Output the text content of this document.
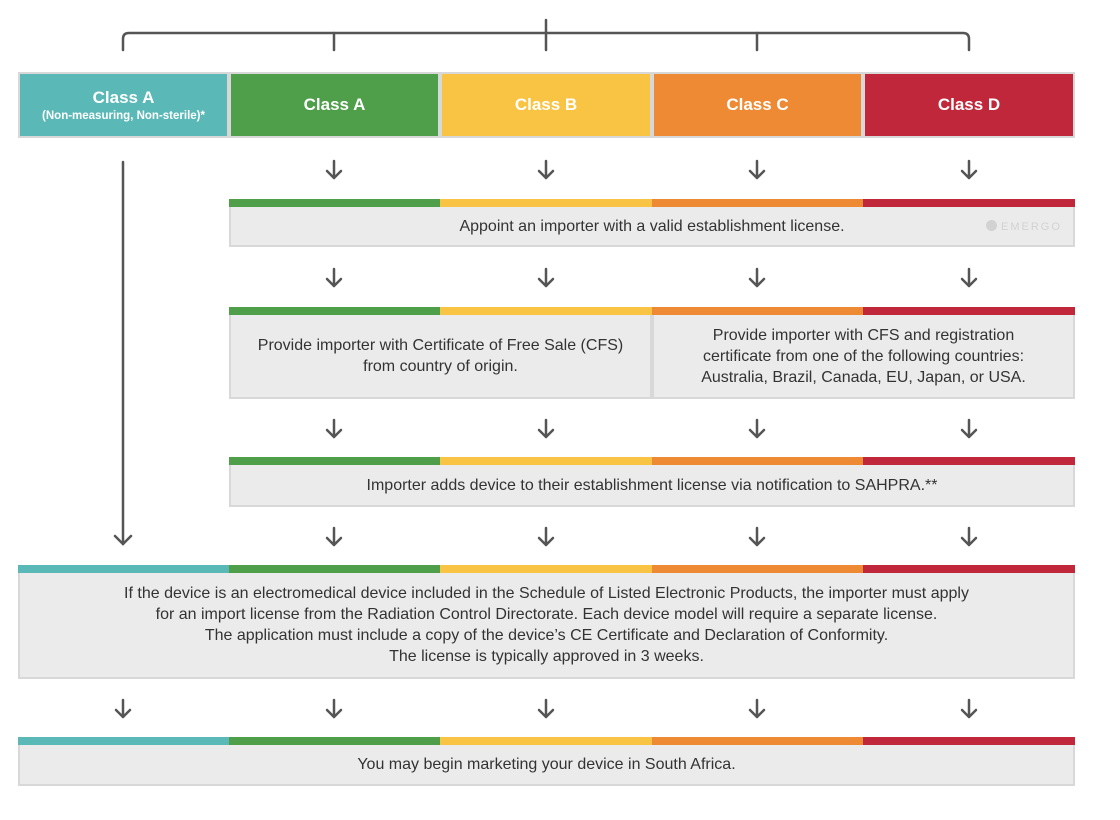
Class A
(Non-measuring, Non-sterile)*
Class A	Class B	Class C	Class D
Appoint an importer with a valid establishment license.	EMERGO
Provide importer with Certificate of Free Sale (CFS)
from country of origin.
Provide importer with CFS and registration
certificate from one of the following countries:
Australia, Brazil, Canada, EU, Japan, or USA.
Importer adds device to their establishment license via notification to SAHPRA.**
If the device is an electromedical device included in the Schedule of Listed Electronic Products, the importer must apply
for an import license from the Radiation Control Directorate. Each device model will require a separate license.
The application must include a copy of the device’s CE Certificate and Declaration of Conformity.
The license is typically approved in 3 weeks.
You may begin marketing your device in South Africa.
